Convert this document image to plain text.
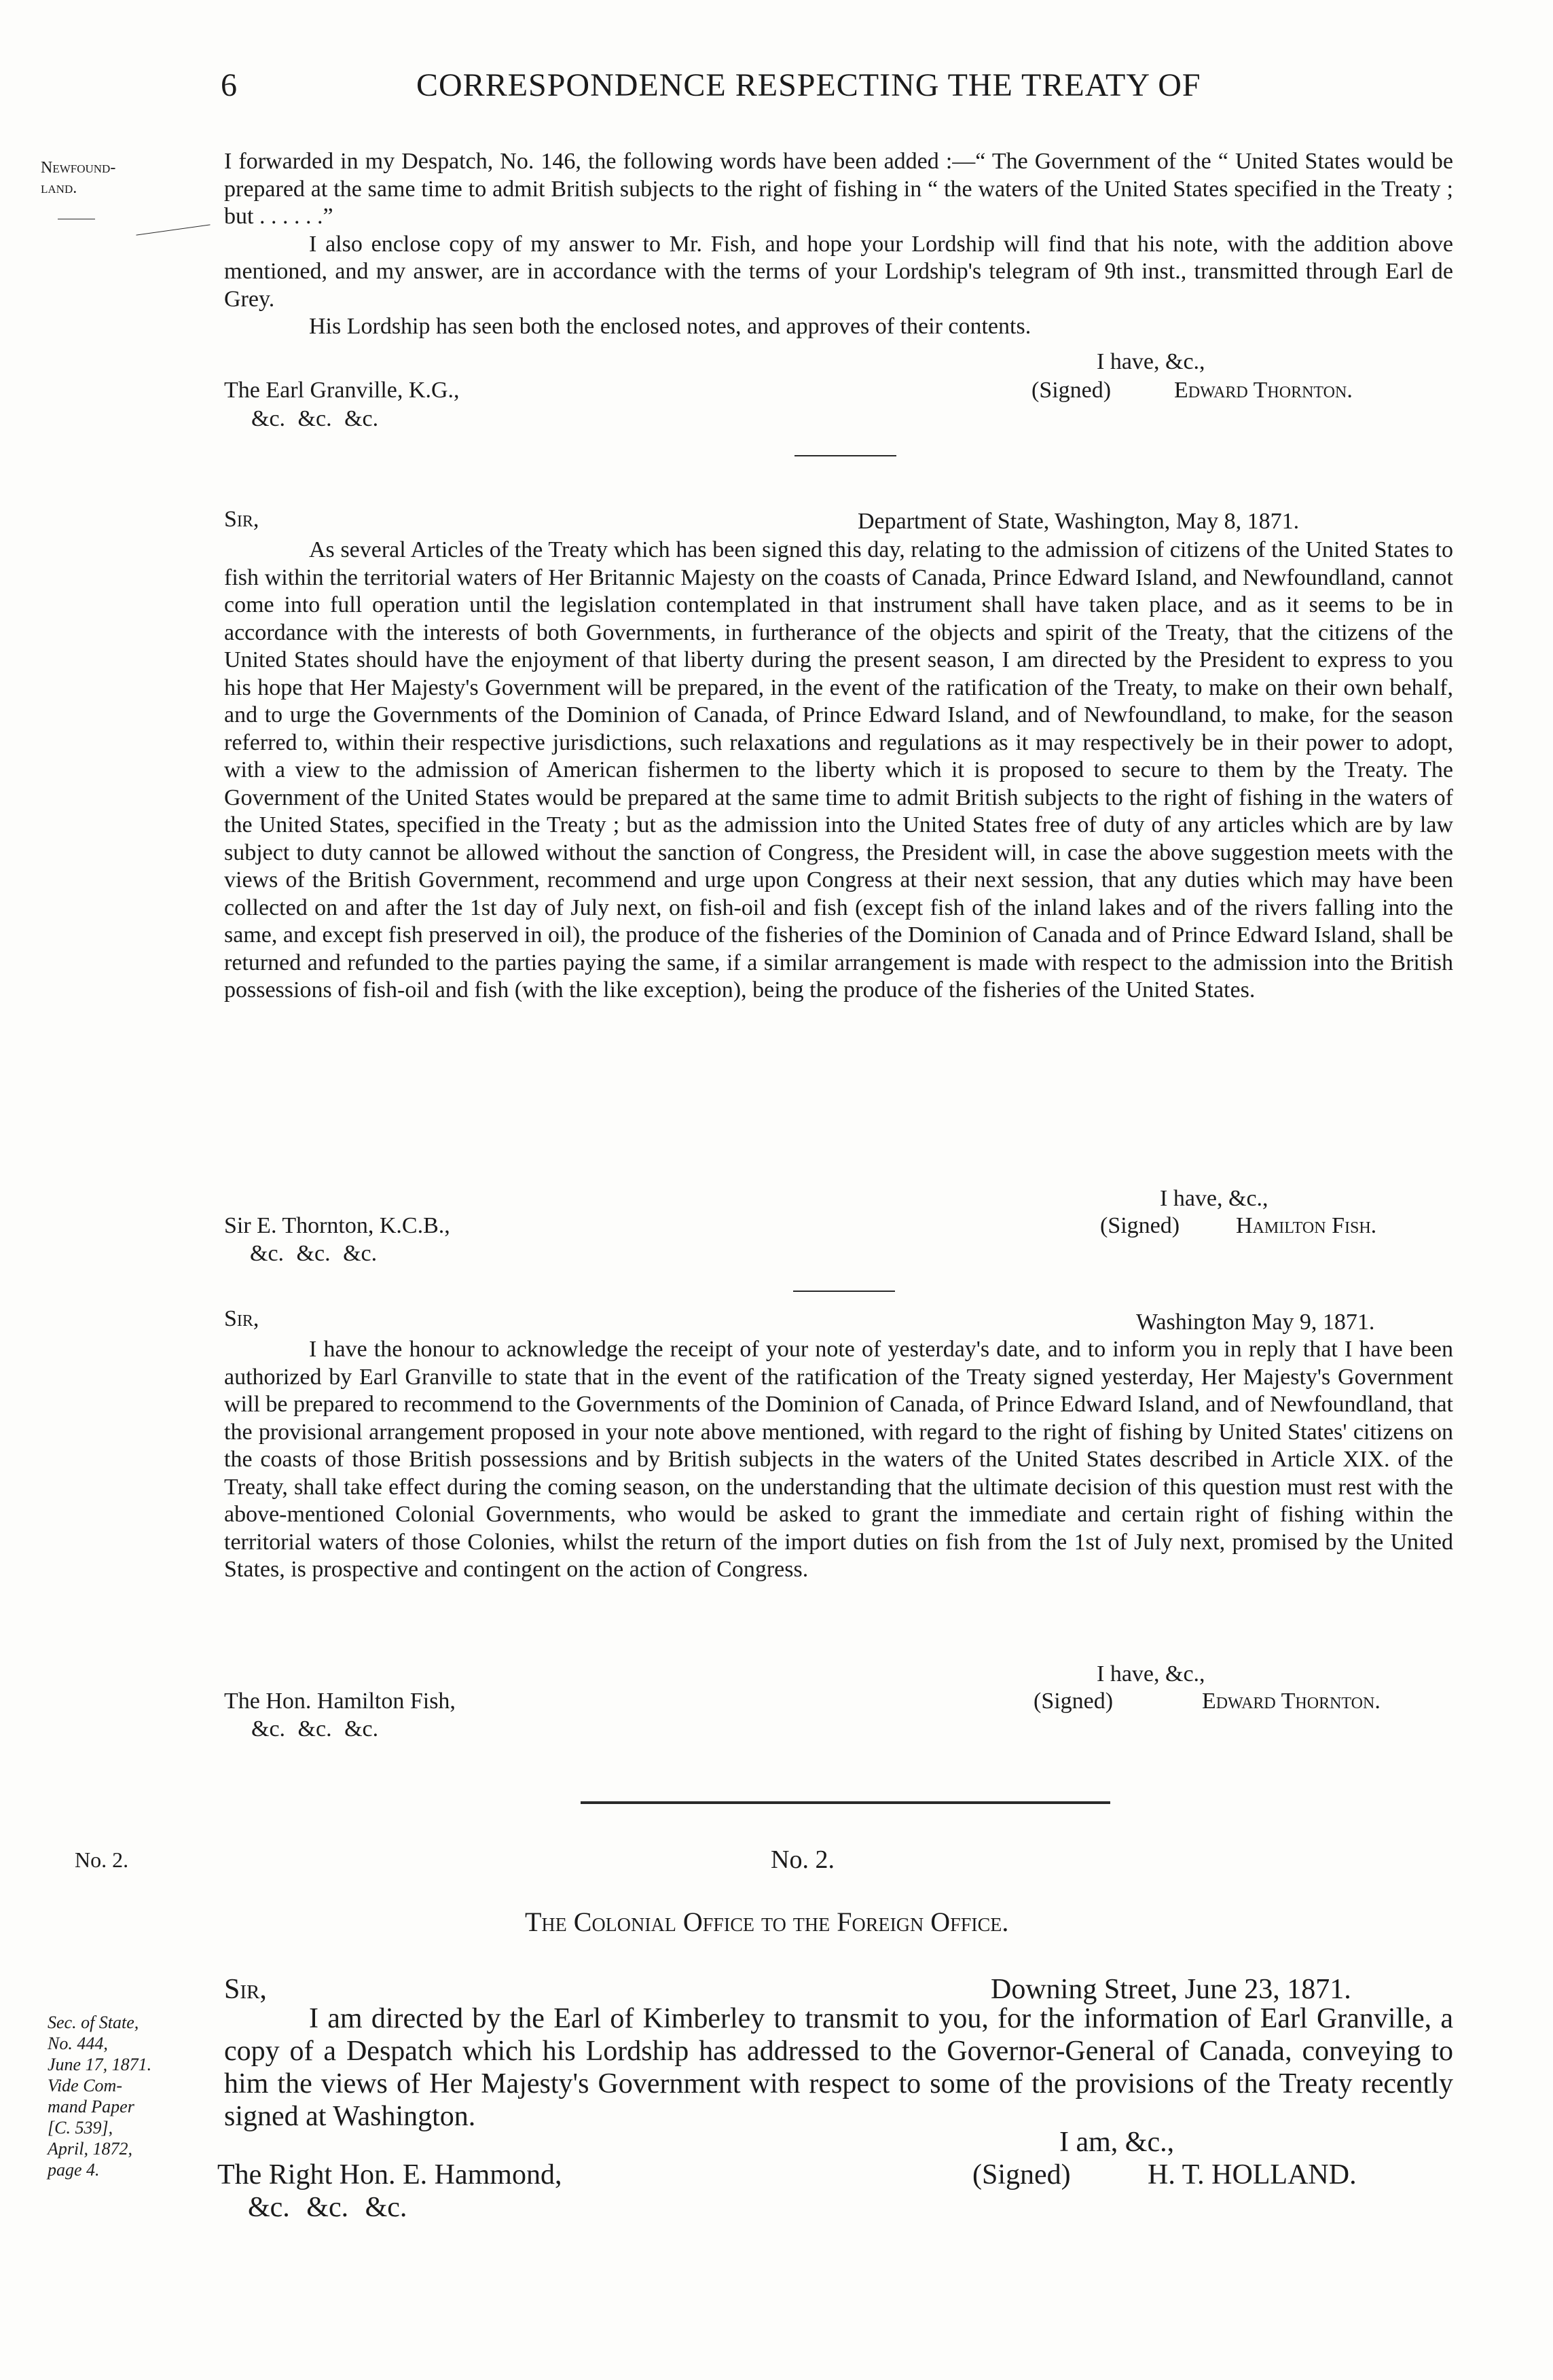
6	CORRESPONDENCE RESPECTING THE TREATY OF
Newfound-land.
I forwarded in my Despatch, No. 146, the following words have been added :—“ The Government of the “ United States would be prepared at the same time to admit British subjects to the right of fishing in “ the waters of the United States specified in the Treaty ; but . . . . . .”
I also enclose copy of my answer to Mr. Fish, and hope your Lordship will find that his note, with the addition above mentioned, and my answer, are in accordance with the terms of your Lordship's telegram of 9th inst., transmitted through Earl de Grey.
His Lordship has seen both the enclosed notes, and approves of their contents.
I have, &c.,
(Signed)	Edward Thornton.
The Earl Granville, K.G.,
&c. &c. &c.
Sir,	Department of State, Washington, May 8, 1871.
As several Articles of the Treaty which has been signed this day, relating to the admission of citizens of the United States to fish within the territorial waters of Her Britannic Majesty on the coasts of Canada, Prince Edward Island, and Newfoundland, cannot come into full operation until the legislation contemplated in that instrument shall have taken place, and as it seems to be in accordance with the interests of both Governments, in furtherance of the objects and spirit of the Treaty, that the citizens of the United States should have the enjoyment of that liberty during the present season, I am directed by the President to express to you his hope that Her Majesty's Government will be prepared, in the event of the ratification of the Treaty, to make on their own behalf, and to urge the Governments of the Dominion of Canada, of Prince Edward Island, and of Newfoundland, to make, for the season referred to, within their respective jurisdictions, such relaxations and regulations as it may respectively be in their power to adopt, with a view to the admission of American fishermen to the liberty which it is proposed to secure to them by the Treaty. The Government of the United States would be prepared at the same time to admit British subjects to the right of fishing in the waters of the United States, specified in the Treaty ; but as the admission into the United States free of duty of any articles which are by law subject to duty cannot be allowed without the sanction of Congress, the President will, in case the above suggestion meets with the views of the British Government, recommend and urge upon Congress at their next session, that any duties which may have been collected on and after the 1st day of July next, on fish-oil and fish (except fish of the inland lakes and of the rivers falling into the same, and except fish preserved in oil), the produce of the fisheries of the Dominion of Canada and of Prince Edward Island, shall be returned and refunded to the parties paying the same, if a similar arrangement is made with respect to the admission into the British possessions of fish-oil and fish (with the like exception), being the produce of the fisheries of the United States.
I have, &c.,
(Signed) Hamilton Fish.
Sir E. Thornton, K.C.B.,
&c. &c. &c.
Sir,	Washington May 9, 1871.
I have the honour to acknowledge the receipt of your note of yesterday's date, and to inform you in reply that I have been authorized by Earl Granville to state that in the event of the ratification of the Treaty signed yesterday, Her Majesty's Government will be prepared to recommend to the Governments of the Dominion of Canada, of Prince Edward Island, and of Newfoundland, that the provisional arrangement proposed in your note above mentioned, with regard to the right of fishing by United States' citizens on the coasts of those British possessions and by British subjects in the waters of the United States described in Article XIX. of the Treaty, shall take effect during the coming season, on the understanding that the ultimate decision of this question must rest with the above-mentioned Colonial Governments, who would be asked to grant the immediate and certain right of fishing within the territorial waters of those Colonies, whilst the return of the import duties on fish from the 1st of July next, promised by the United States, is prospective and contingent on the action of Congress.
I have, &c.,
(Signed)	Edward Thornton.
The Hon. Hamilton Fish,
&c. &c. &c.
No. 2.	No. 2.
The Colonial Office to the Foreign Office.
Sir,	Downing Street, June 23, 1871.
Sec. of State,
No. 444,
June 17, 1871.
Vide Com-
mand Paper
[C. 539],
April, 1872,
page 4.
I am directed by the Earl of Kimberley to transmit to you, for the information of Earl Granville, a copy of a Despatch which his Lordship has addressed to the Governor-General of Canada, conveying to him the views of Her Majesty's Government with respect to some of the provisions of the Treaty recently signed at Washington.
I am, &c.,
(Signed)	H. T. HOLLAND.
The Right Hon. E. Hammond,
&c. &c. &c.
